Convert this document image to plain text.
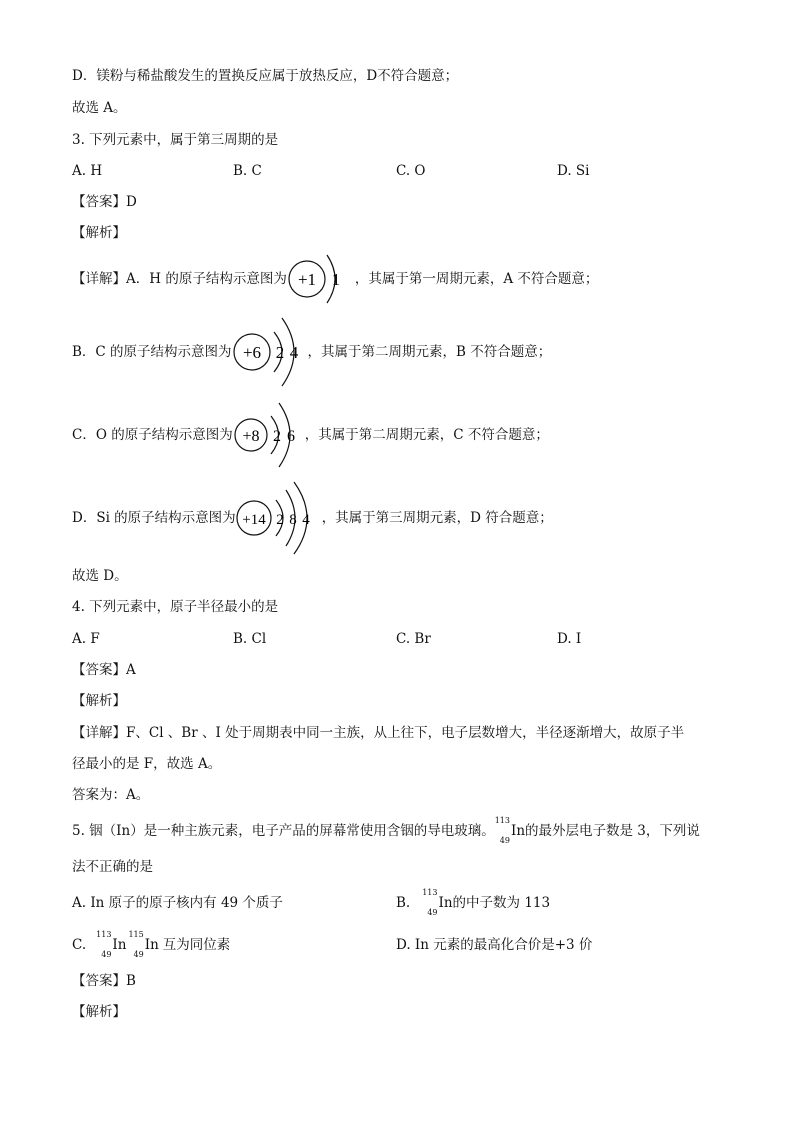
D．镁粉与稀盐酸发生的置换反应属于放热反应，D不符合题意；
故选 A。
3. 下列元素中，属于第三周期的是
A. H	B. C	C. O	D. Si
【答案】D
【解析】
【详解】A．H 的原子结构示意图为 +1 1 ，其属于第一周期元素，A 不符合题意；
B．C 的原子结构示意图为 +6 2 4 ，其属于第二周期元素，B 不符合题意；
C．O 的原子结构示意图为 +8 2 6 ，其属于第二周期元素，C 不符合题意；
D．Si 的原子结构示意图为 +14 2 8 4 ，其属于第三周期元素，D 符合题意；
故选 D。
4. 下列元素中，原子半径最小的是
A. F	B. Cl	C. Br	D. I
【答案】A
【解析】
【详解】F、Cl 、Br 、I 处于周期表中同一主族，从上往下，电子层数增大，半径逐渐增大，故原子半
径最小的是 F，故选 A。
答案为：A。
5. 铟（In）是一种主族元素，电子产品的屏幕常使用含铟的导电玻璃。
113
49
In 的最外层电子数是 3，下列说
法不正确的是
A. In 原子的原子核内有 49 个质子	B.
113
49
In 的中子数为 113
C.
113
49
In
115
49
In 互为同位素	D. In 元素的最高化合价是+3 价
【答案】B
【解析】
